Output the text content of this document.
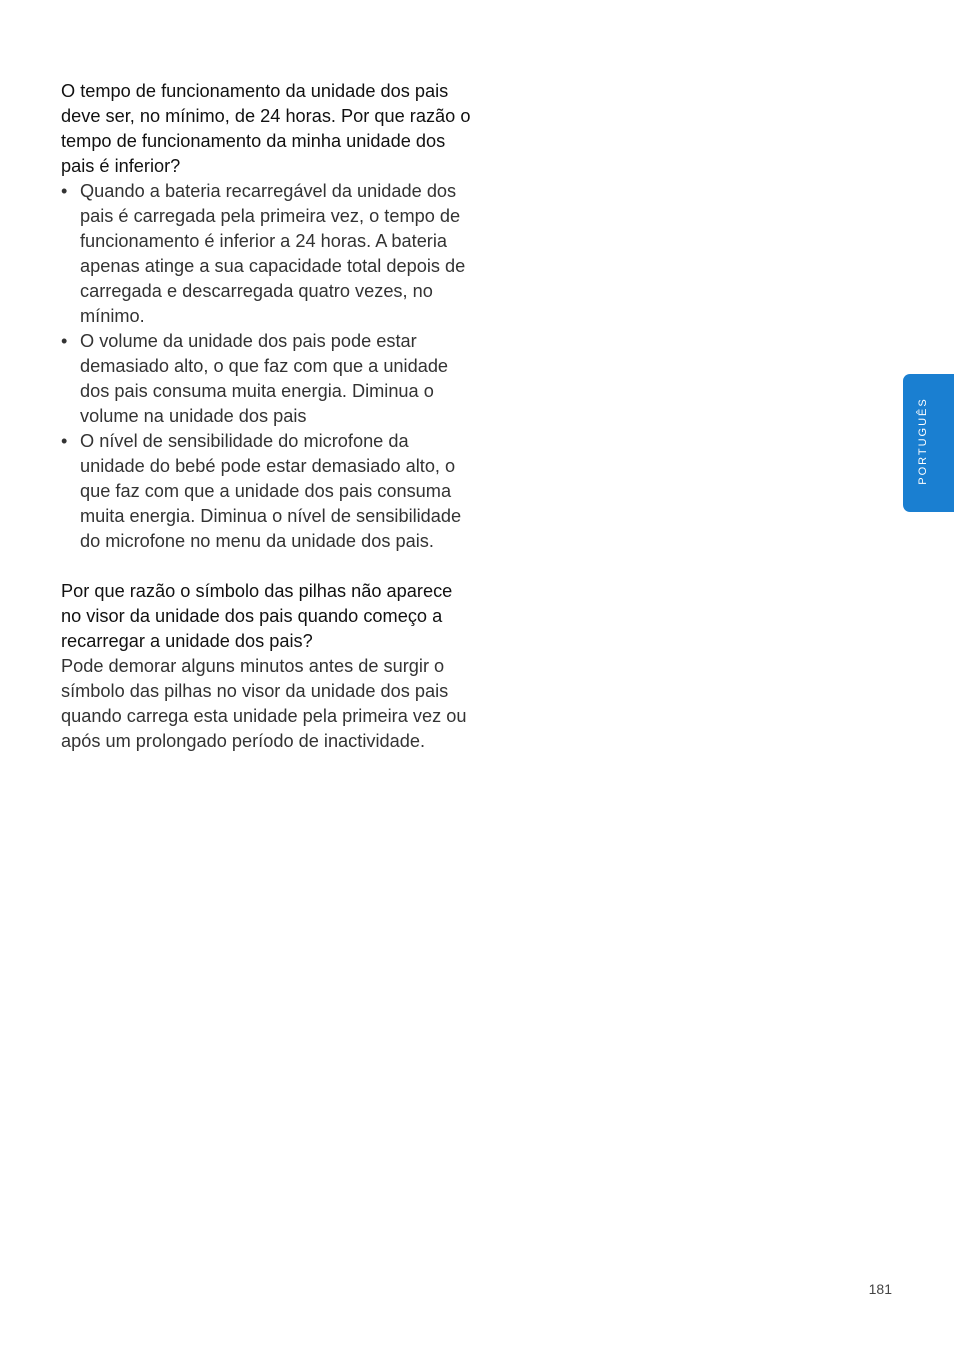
O tempo de funcionamento da unidade dos pais deve ser, no mínimo, de 24 horas. Por que razão o tempo de funcionamento da minha unidade dos pais é inferior?

• Quando a bateria recarregável da unidade dos pais é carregada pela primeira vez, o tempo de funcionamento é inferior a 24 horas. A bateria apenas atinge a sua capacidade total depois de carregada e descarregada quatro vezes, no mínimo.
• O volume da unidade dos pais pode estar demasiado alto, o que faz com que a unidade dos pais consuma muita energia. Diminua o volume na unidade dos pais
• O nível de sensibilidade do microfone da unidade do bebé pode estar demasiado alto, o que faz com que a unidade dos pais consuma muita energia. Diminua o nível de sensibilidade do microfone no menu da unidade dos pais.

Por que razão o símbolo das pilhas não aparece no visor da unidade dos pais quando começo a recarregar a unidade dos pais?

Pode demorar alguns minutos antes de surgir o símbolo das pilhas no visor da unidade dos pais quando carrega esta unidade pela primeira vez ou após um prolongado período de inactividade.

PORTUGUÊS
181
